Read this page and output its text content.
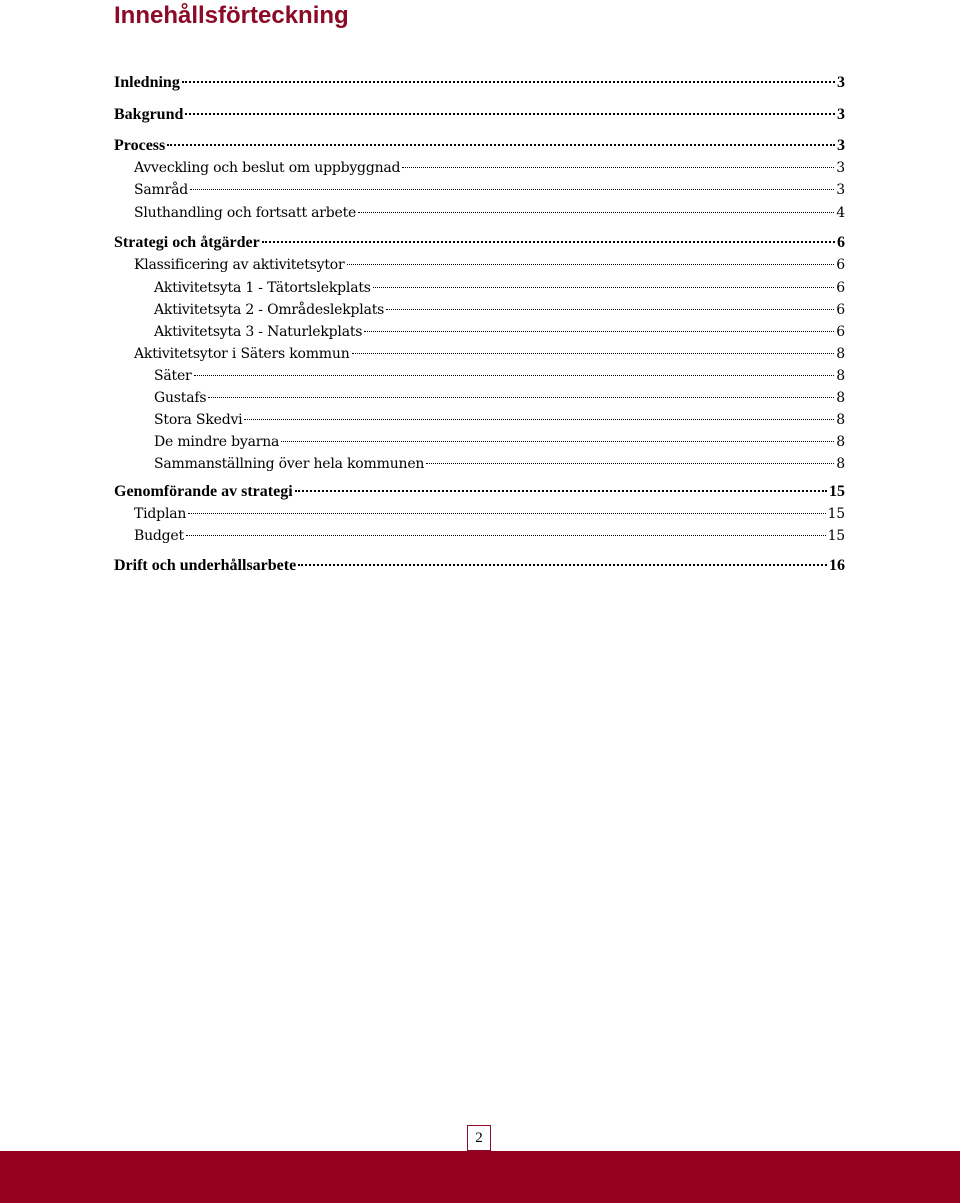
Innehållsförteckning
Inledning	3
Bakgrund	3
Process	3
Avveckling och beslut om uppbyggnad	3
Samråd	3
Sluthandling och fortsatt arbete	4
Strategi och åtgärder	6
Klassificering av aktivitetsytor	6
Aktivitetsyta 1 - Tätortslekplats	6
Aktivitetsyta 2 - Områdeslekplats	6
Aktivitetsyta 3 - Naturlekplats	6
Aktivitetsytor i Säters kommun	8
Säter	8
Gustafs	8
Stora Skedvi	8
De mindre byarna	8
Sammanställning över hela kommunen	8
Genomförande av strategi	15
Tidplan	15
Budget	15
Drift och underhållsarbete	16
2
